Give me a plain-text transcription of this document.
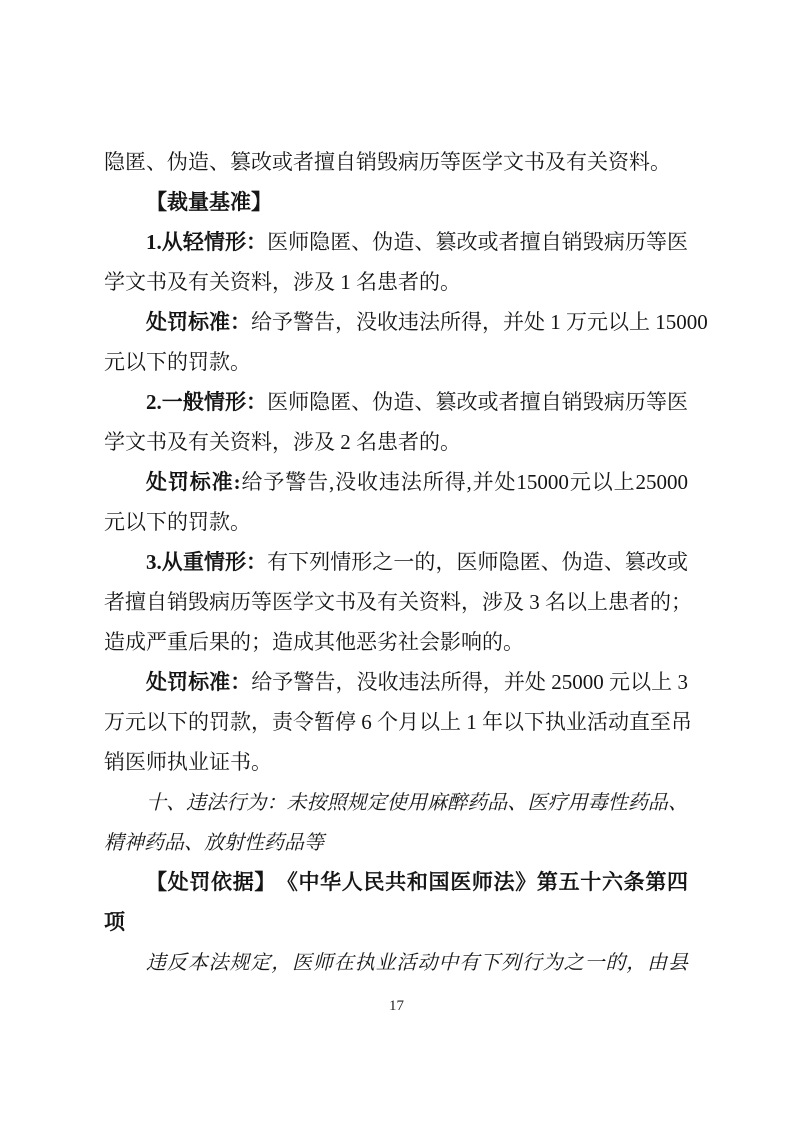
隐匿、伪造、篡改或者擅自销毁病历等医学文书及有关资料。
【裁量基准】
1.从轻情形：医师隐匿、伪造、篡改或者擅自销毁病历等医
学文书及有关资料，涉及 1 名患者的。
处罚标准：给予警告，没收违法所得，并处 1 万元以上 15000
元以下的罚款。
2.一般情形：医师隐匿、伪造、篡改或者擅自销毁病历等医
学文书及有关资料，涉及 2 名患者的。
处罚标准:给予警告,没收违法所得,并处15000元以上25000
元以下的罚款。
3.从重情形：有下列情形之一的，医师隐匿、伪造、篡改或
者擅自销毁病历等医学文书及有关资料，涉及 3 名以上患者的；
造成严重后果的；造成其他恶劣社会影响的。
处罚标准：给予警告，没收违法所得，并处 25000 元以上 3
万元以下的罚款，责令暂停 6 个月以上 1 年以下执业活动直至吊
销医师执业证书。
十、违法行为：未按照规定使用麻醉药品、医疗用毒性药品、
精神药品、放射性药品等
【处罚依据】　《中华人民共和国医师法》第五十六条第四
项
违反本法规定，医师在执业活动中有下列行为之一的，由县
17
